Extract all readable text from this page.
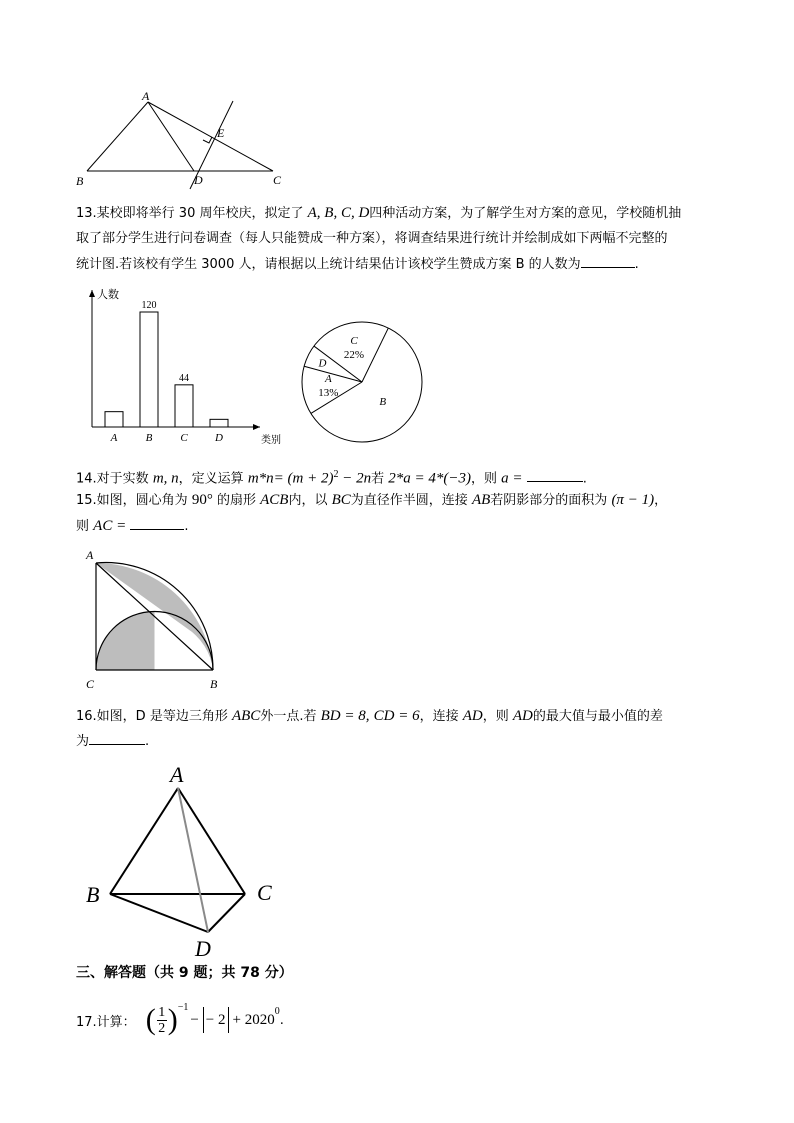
A
B	C
D
E
13.某校即将举行 30 周年校庆，拟定了 A, B, C, D四种活动方案，为了解学生对方案的意见，学校随机抽
取了部分学生进行问卷调查（每人只能赞成一种方案），将调查结果进行统计并绘制成如下两幅不完整的
统计图.若该校有学生 3000 人，请根据以上统计结果估计该校学生赞成方案 B 的人数为	.
人数
类别
A	B
120
C
44
D
C
22%
D
A
13%
B
14.对于实数 m, n，定义运算 $m*n= (m + 2)^2 - 2n$若 2*a = 4*(−3)，则 a =	.
15.如图，圆心角为 90° 的扇形 ACB内，以 BC为直径作半圆，连接 AB若阴影部分的面积为 (π − 1)，
则 AC =	.
A
B
C
16.如图，D 是等边三角形 ABC外一点.若 BD = 8, CD = 6，连接 AD，则 AD的最大值与最小值的差
为	.
A
B	C
D
三、解答题（共 9 题；共 78 分）
17.计算： ( 1
2 ) −1
− − 2 + 2020 0
.
